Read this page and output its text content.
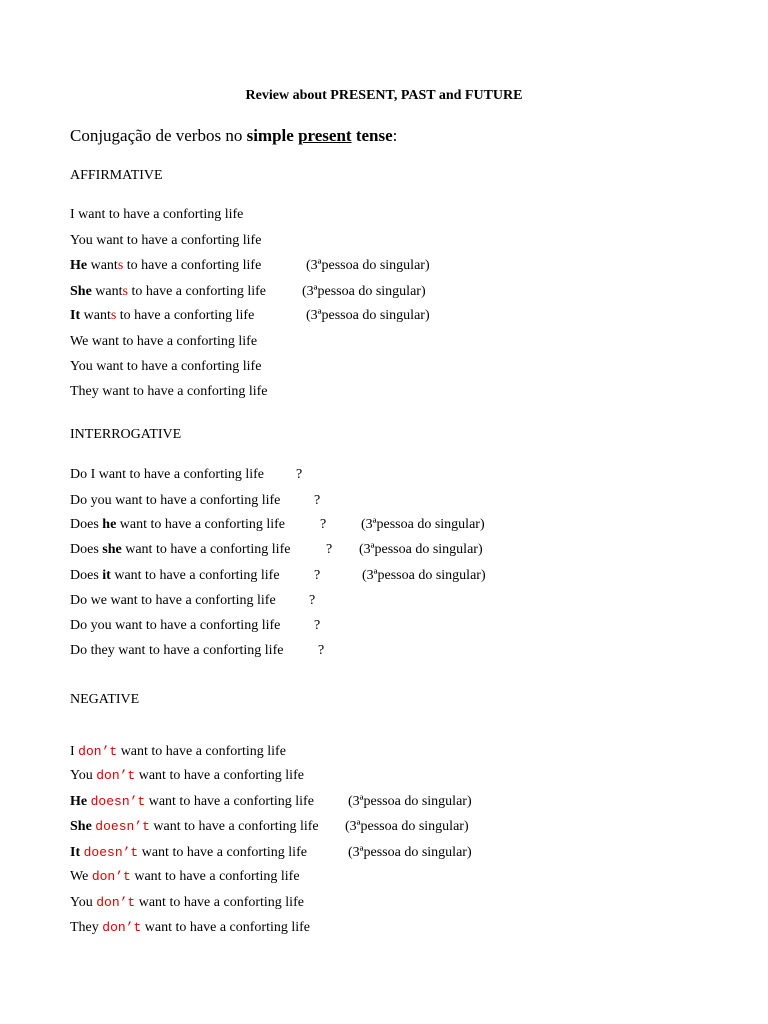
Review about PRESENT, PAST and FUTURE
Conjugação de verbos no simple present tense:
AFFIRMATIVE
I want to have a conforting life
You want to have a conforting life
He wants to have a conforting life	(3ªpessoa do singular)
She wants to have a conforting life	(3ªpessoa do singular)
It wants to have a conforting life	(3ªpessoa do singular)
We want to have a conforting life
You want to have a conforting life
They want to have a conforting life
INTERROGATIVE
Do I want to have a conforting life ?
Do you want to have a conforting life ?
Does he want to have a conforting life	? (3ªpessoa do singular)
Does she want to have a conforting life	? (3ªpessoa do singular)
Does it want to have a conforting life ?	(3ªpessoa do singular)
Do we want to have a conforting life ?
Do you want to have a conforting life ?
Do they want to have a conforting life ?
NEGATIVE
I don’t want to have a conforting life
You don’t want to have a conforting life
He doesn’t want to have a conforting life (3ªpessoa do singular)
She doesn’t want to have a conforting life (3ªpessoa do singular)
It doesn’t want to have a conforting life	(3ªpessoa do singular)
We don’t want to have a conforting life
You don’t want to have a conforting life
They don’t want to have a conforting life
